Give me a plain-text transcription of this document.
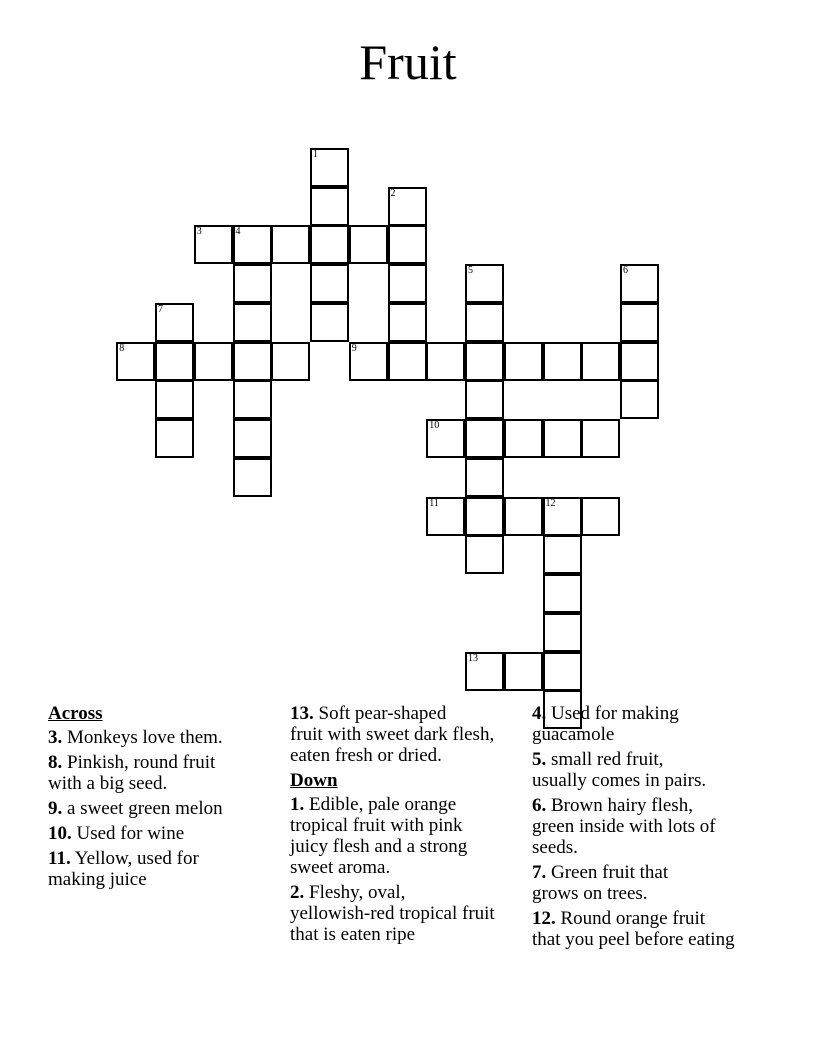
Fruit
1
2
3	4
5	6
7
8	9
10
11	12
13
Across
3. Monkeys love them.
8. Pinkish, round fruit
with a big seed.
9. a sweet green melon
10. Used for wine
11. Yellow, used for
making juice
13. Soft pear-shaped
fruit with sweet dark flesh,
eaten fresh or dried.
Down
1. Edible, pale orange
tropical fruit with pink
juicy flesh and a strong
sweet aroma.
2. Fleshy, oval,
yellowish-red tropical fruit
that is eaten ripe
4. Used for making
guacamole
5. small red fruit,
usually comes in pairs.
6. Brown hairy flesh,
green inside with lots of
seeds.
7. Green fruit that
grows on trees.
12. Round orange fruit
that you peel before eating
